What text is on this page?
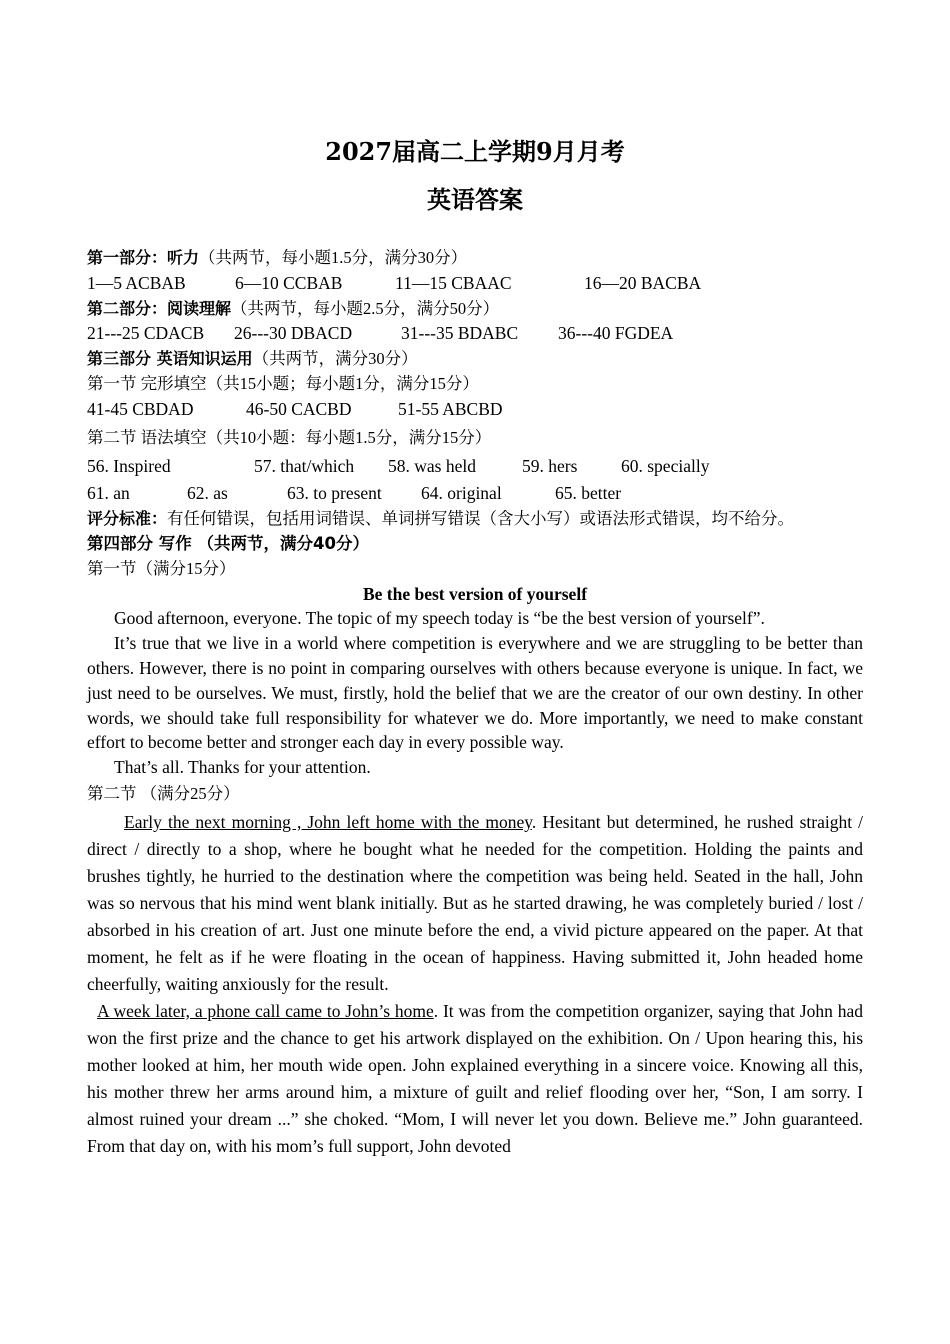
2027届高二上学期9月月考
英语答案

第一部分：听力（共两节，每小题1.5分，满分30分）

1—5 ACBAB	6—10 CCBAB	11—15 CBAAC	16—20 BACBA

第二部分：阅读理解（共两节，每小题2.5分，满分50分）

21---25 CDACB 26---30 DBACD	31---35 BDABC 36---40 FGDEA

第三部分 英语知识运用（共两节，满分30分）

第一节 完形填空（共15小题；每小题1分，满分15分）

41-45 CBDAD	46-50 CACBD	51-55 ABCBD

第二节 语法填空（共10小题：每小题1.5分，满分15分）

56. Inspired	57. that/which 58. was held	59. hers 60. specially

61. an	62. as	63. to present 64. original	65. better

评分标准：有任何错误，包括用词错误、单词拼写错误（含大小写）或语法形式错误，均不给分。

第四部分 写作 （共两节，满分40分）

第一节（满分15分）

Be the best version of yourself

Good afternoon, everyone. The topic of my speech today is “be the best version of yourself”.

It’s true that we live in a world where competition is everywhere and we are struggling to be better than others. However, there is no point in comparing ourselves with others because everyone is unique. In fact, we just need to be ourselves. We must, firstly, hold the belief that we are the creator of our own destiny. In other words, we should take full responsibility for whatever we do. More importantly, we need to make constant effort to become better and stronger each day in every possible way.

That’s all. Thanks for your attention.

第二节 （满分25分）

Early the next morning , John left home with the money. Hesitant but determined, he rushed straight / direct / directly to a shop, where he bought what he needed for the competition. Holding the paints and brushes tightly, he hurried to the destination where the competition was being held. Seated in the hall, John was so nervous that his mind went blank initially. But as he started drawing, he was completely buried / lost / absorbed in his creation of art. Just one minute before the end, a vivid picture appeared on the paper. At that moment, he felt as if he were floating in the ocean of happiness. Having submitted it, John headed home cheerfully, waiting anxiously for the result.

A week later, a phone call came to John’s home. It was from the competition organizer, saying that John had won the first prize and the chance to get his artwork displayed on the exhibition. On / Upon hearing this, his mother looked at him, her mouth wide open. John explained everything in a sincere voice. Knowing all this, his mother threw her arms around him, a mixture of guilt and relief flooding over her, “Son, I am sorry. I almost ruined your dream ...” she choked. “Mom, I will never let you down. Believe me.” John guaranteed. From that day on, with his mom’s full support, John devoted
